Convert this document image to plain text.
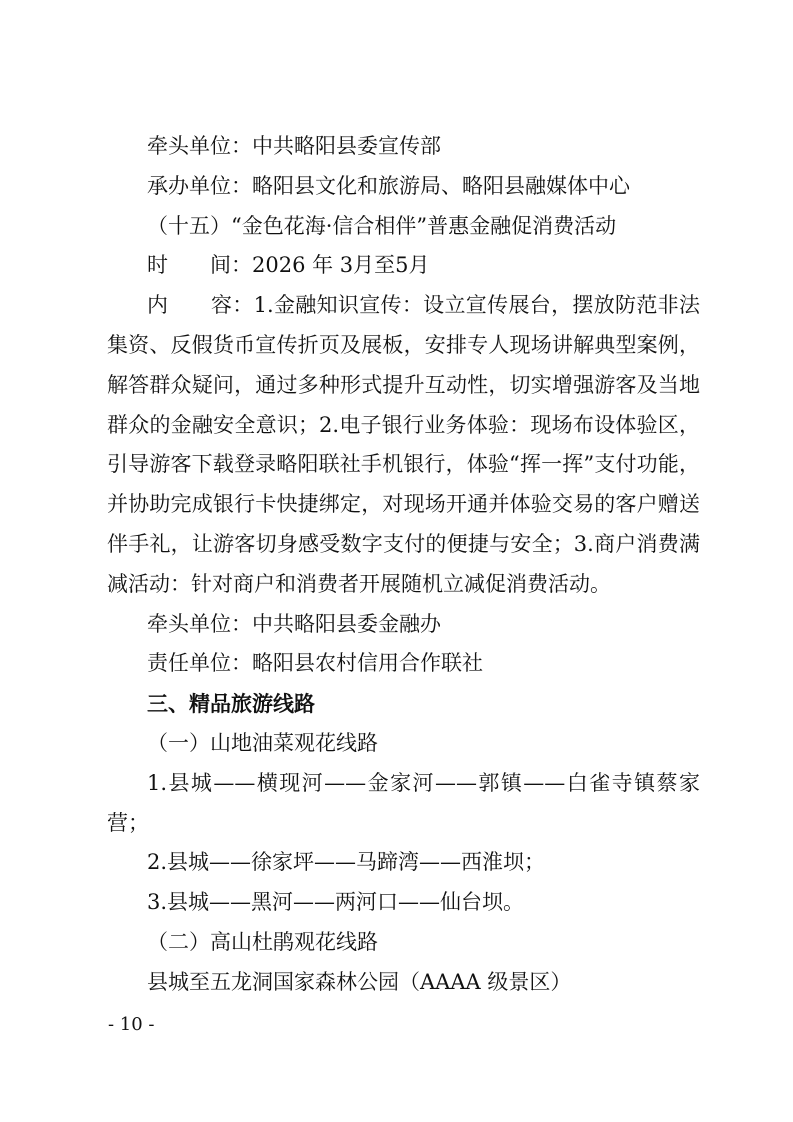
牵头单位：中共略阳县委宣传部
承办单位：略阳县文化和旅游局、略阳县融媒体中心
（十五）“金色花海·信合相伴”普惠金融促消费活动
时　　间：2026 年 3月至5月
内　　容：1.金融知识宣传：设立宣传展台，摆放防范非法
集资、反假货币宣传折页及展板，安排专人现场讲解典型案例，
解答群众疑问，通过多种形式提升互动性，切实增强游客及当地
群众的金融安全意识；2.电子银行业务体验：现场布设体验区，
引导游客下载登录略阳联社手机银行，体验“挥一挥”支付功能，
并协助完成银行卡快捷绑定，对现场开通并体验交易的客户赠送
伴手礼，让游客切身感受数字支付的便捷与安全；3.商户消费满
减活动：针对商户和消费者开展随机立减促消费活动。
牵头单位：中共略阳县委金融办
责任单位：略阳县农村信用合作联社
三、精品旅游线路
（一）山地油菜观花线路
1.县城——横现河——金家河——郭镇——白雀寺镇蔡家
营；
2.县城——徐家坪——马蹄湾——西淮坝；
3.县城——黑河——两河口——仙台坝。
（二）高山杜鹃观花线路
县城至五龙洞国家森林公园（AAAA 级景区）
- 10 -
